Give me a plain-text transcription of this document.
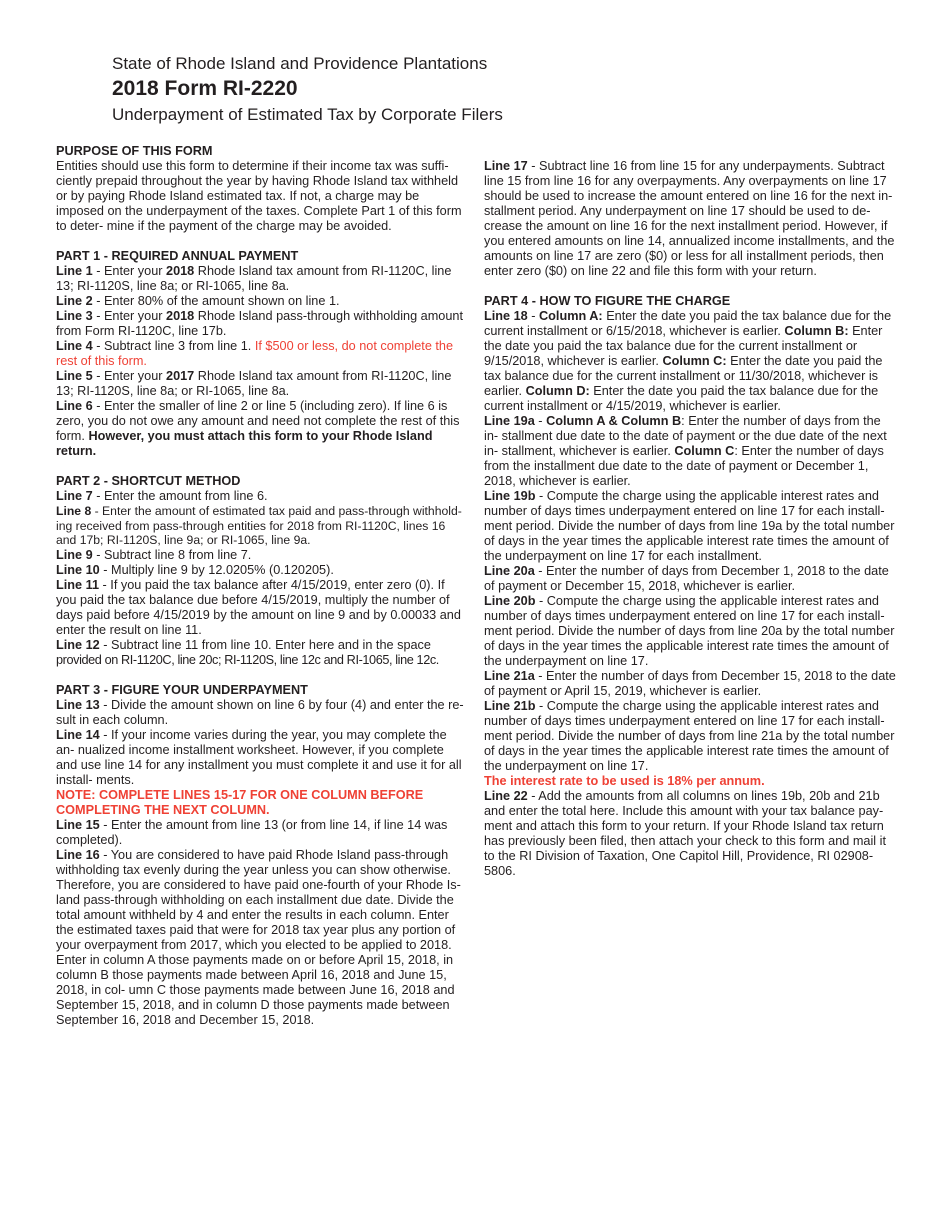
State of Rhode Island and Providence Plantations
2018 Form RI-2220
Underpayment of Estimated Tax by Corporate Filers
PURPOSE OF THIS FORM

Entities should use this form to determine if their income tax was suffi- ciently prepaid throughout the year by having Rhode Island tax withheld or by paying Rhode Island estimated tax. If not, a charge may be imposed on the underpayment of the taxes. Complete Part 1 of this form to deter- mine if the payment of the charge may be avoided.

PART 1 - REQUIRED ANNUAL PAYMENT

Line 1 - Enter your 2018 Rhode Island tax amount from RI-1120C, line 13; RI-1120S, line 8a; or RI-1065, line 8a.

Line 2 - Enter 80% of the amount shown on line 1.

Line 3 - Enter your 2018 Rhode Island pass-through withholding amount from Form RI-1120C, line 17b.

Line 4 - Subtract line 3 from line 1. If $500 or less, do not complete the rest of this form.

Line 5 - Enter your 2017 Rhode Island tax amount from RI-1120C, line 13; RI-1120S, line 8a; or RI-1065, line 8a.

Line 6 - Enter the smaller of line 2 or line 5 (including zero). If line 6 is zero, you do not owe any amount and need not complete the rest of this form. However, you must attach this form to your Rhode Island return.

PART 2 - SHORTCUT METHOD

Line 7 - Enter the amount from line 6.

Line 8 - Enter the amount of estimated tax paid and pass-through withhold- ing received from pass-through entities for 2018 from RI-1120C, lines 16 and 17b; RI-1120S, line 9a; or RI-1065, line 9a.

Line 9 - Subtract line 8 from line 7.

Line 10 - Multiply line 9 by 12.0205% (0.120205).

Line 11 - If you paid the tax balance after 4/15/2019, enter zero (0). If you paid the tax balance due before 4/15/2019, multiply the number of days paid before 4/15/2019 by the amount on line 9 and by 0.00033 and enter the result on line 11.

Line 12 - Subtract line 11 from line 10. Enter here and in the space provided on RI-1120C, line 20c; RI-1120S, line 12c and RI-1065, line 12c.

PART 3 - FIGURE YOUR UNDERPAYMENT

Line 13 - Divide the amount shown on line 6 by four (4) and enter the re- sult in each column.

Line 14 - If your income varies during the year, you may complete the an- nualized income installment worksheet. However, if you complete and use line 14 for any installment you must complete it and use it for all install- ments.

NOTE: COMPLETE LINES 15-17 FOR ONE COLUMN BEFORE COMPLETING THE NEXT COLUMN.

Line 15 - Enter the amount from line 13 (or from line 14, if line 14 was completed).

Line 16 - You are considered to have paid Rhode Island pass-through withholding tax evenly during the year unless you can show otherwise. Therefore, you are considered to have paid one-fourth of your Rhode Is- land pass-through withholding on each installment due date. Divide the total amount withheld by 4 and enter the results in each column. Enter the estimated taxes paid that were for 2018 tax year plus any portion of your overpayment from 2017, which you elected to be applied to 2018. Enter in column A those payments made on or before April 15, 2018, in column B those payments made between April 16, 2018 and June 15, 2018, in col- umn C those payments made between June 16, 2018 and September 15, 2018, and in column D those payments made between September 16, 2018 and December 15, 2018.

Line 17 - Subtract line 16 from line 15 for any underpayments. Subtract line 15 from line 16 for any overpayments. Any overpayments on line 17 should be used to increase the amount entered on line 16 for the next in- stallment period. Any underpayment on line 17 should be used to de- crease the amount on line 16 for the next installment period. However, if you entered amounts on line 14, annualized income installments, and the amounts on line 17 are zero ($0) or less for all installment periods, then enter zero ($0) on line 22 and file this form with your return.

PART 4 - HOW TO FIGURE THE CHARGE

Line 18 - Column A: Enter the date you paid the tax balance due for the current installment or 6/15/2018, whichever is earlier. Column B: Enter the date you paid the tax balance due for the current installment or 9/15/2018, whichever is earlier. Column C: Enter the date you paid the tax balance due for the current installment or 11/30/2018, whichever is earlier. Column D: Enter the date you paid the tax balance due for the current installment or 4/15/2019, whichever is earlier.

Line 19a - Column A & Column B: Enter the number of days from the in- stallment due date to the date of payment or the due date of the next in- stallment, whichever is earlier. Column C: Enter the number of days from the installment due date to the date of payment or December 1, 2018, whichever is earlier.

Line 19b - Compute the charge using the applicable interest rates and number of days times underpayment entered on line 17 for each install- ment period. Divide the number of days from line 19a by the total number of days in the year times the applicable interest rate times the amount of the underpayment on line 17 for each installment.

Line 20a - Enter the number of days from December 1, 2018 to the date of payment or December 15, 2018, whichever is earlier.

Line 20b - Compute the charge using the applicable interest rates and number of days times underpayment entered on line 17 for each install- ment period. Divide the number of days from line 20a by the total number of days in the year times the applicable interest rate times the amount of the underpayment on line 17.

Line 21a - Enter the number of days from December 15, 2018 to the date of payment or April 15, 2019, whichever is earlier.

Line 21b - Compute the charge using the applicable interest rates and number of days times underpayment entered on line 17 for each install- ment period. Divide the number of days from line 21a by the total number of days in the year times the applicable interest rate times the amount of the underpayment on line 17.

The interest rate to be used is 18% per annum.

Line 22 - Add the amounts from all columns on lines 19b, 20b and 21b and enter the total here. Include this amount with your tax balance pay- ment and attach this form to your return. If your Rhode Island tax return has previously been filed, then attach your check to this form and mail it to the RI Division of Taxation, One Capitol Hill, Providence, RI 02908-5806.
